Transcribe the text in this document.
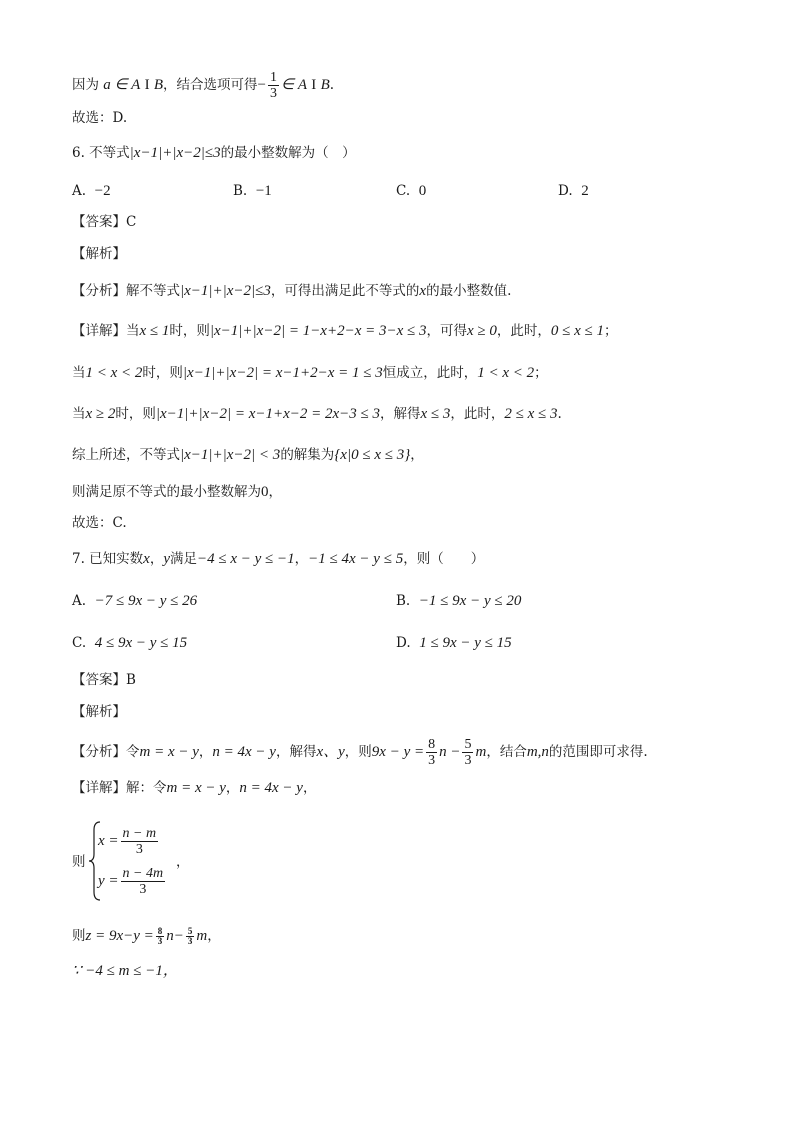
因为 a ∈ A I B，结合选项可得− $\frac{1}{3}$ ∈ A I B.
故选：D.
6. 不等式|x−1|+|x−2|≤3的最小整数解为（　）
A. −2	B. −1	C. 0	D. 2
【答案】C
【解析】
【分析】解不等式|x−1|+|x−2|≤3，可得出满足此不等式的x的最小整数值.
【详解】当x ≤ 1时，则|x−1|+|x−2| = 1−x+2−x = 3−x ≤ 3，可得x ≥ 0，此时，0 ≤ x ≤ 1；
当1 < x < 2时，则|x−1|+|x−2| = x−1+2−x = 1 ≤ 3恒成立，此时，1 < x < 2；
当x ≥ 2时，则|x−1|+|x−2| = x−1+x−2 = 2x−3 ≤ 3，解得x ≤ 3，此时，2 ≤ x ≤ 3.
综上所述，不等式|x−1|+|x−2| < 3的解集为{x|0 ≤ x ≤ 3}，
则满足原不等式的最小整数解为0，
故选：C.
7. 已知实数x，y满足−4 ≤ x − y ≤ −1，−1 ≤ 4x − y ≤ 5，则（　　）
A. −7 ≤ 9x − y ≤ 26	B. −1 ≤ 9x − y ≤ 20
C. 4 ≤ 9x − y ≤ 15	D. 1 ≤ 9x − y ≤ 15
【答案】B
【解析】
【分析】令m = x − y，n = 4x − y，解得x、y，则$9x - y = \frac{8}{3}$ $n - \frac{5}{3}$ m，结合m,n的范围即可求得.
【详解】解：令m = x − y，n = 4x − y，
则
$x = \frac{n - m}{3}$
$y = \frac{n - 4m}{3}$
，
则$z = 9x-y = \frac{8}{3} n- \frac{5}{3}$ m，
∵ −4 ≤ m ≤ −1，
